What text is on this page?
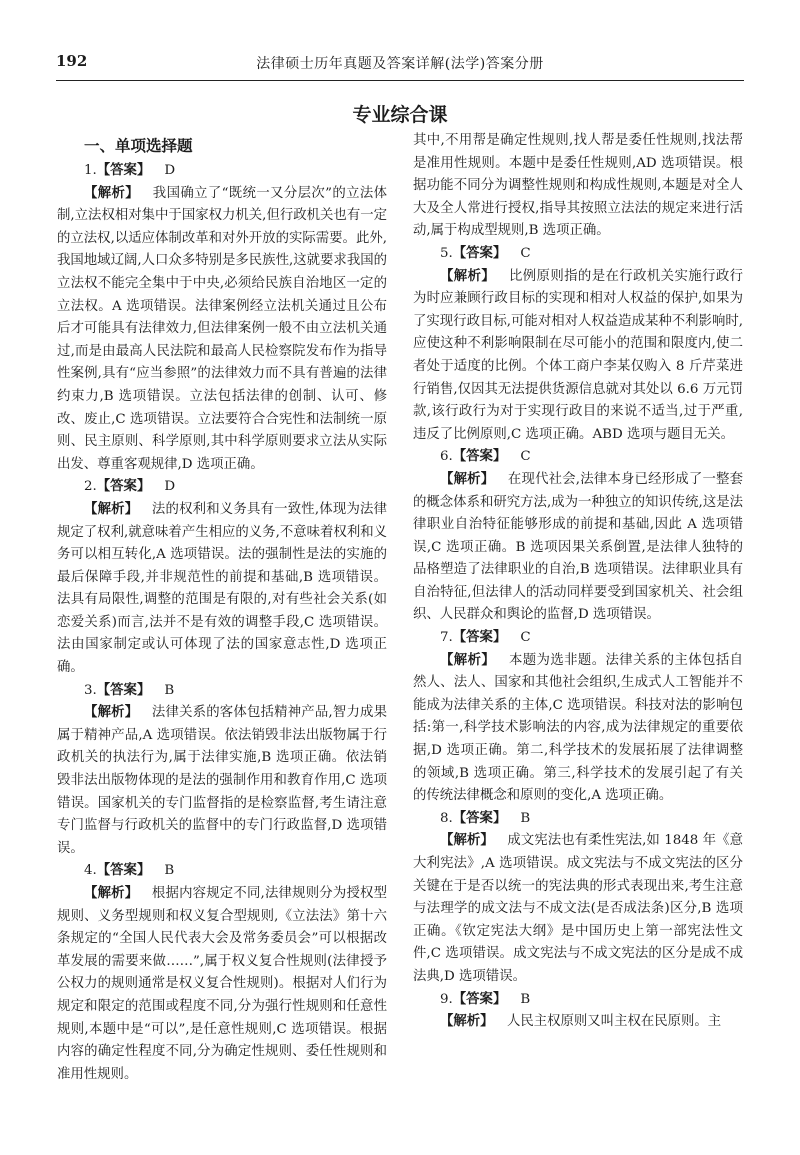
192	法律硕士历年真题及答案详解(法学)答案分册
专业综合课
一、单项选择题
1.【答案】 D

【解析】  我国确立了“既统一又分层次”的立法体制,立法权相对集中于国家权力机关,但行政机关也有一定的立法权,以适应体制改革和对外开放的实际需要。此外,我国地域辽阔,人口众多特别是多民族性,这就要求我国的立法权不能完全集中于中央,必须给民族自治地区一定的立法权。A 选项错误。法律案例经立法机关通过且公布后才可能具有法律效力,但法律案例一般不由立法机关通过,而是由最高人民法院和最高人民检察院发布作为指导性案例,具有“应当参照”的法律效力而不具有普遍的法律约束力,B 选项错误。立法包括法律的创制、认可、修改、废止,C 选项错误。立法要符合合宪性和法制统一原则、民主原则、科学原则,其中科学原则要求立法从实际出发、尊重客观规律,D 选项正确。

2.【答案】 D

【解析】  法的权利和义务具有一致性,体现为法律规定了权利,就意味着产生相应的义务,不意味着权利和义务可以相互转化,A 选项错误。法的强制性是法的实施的最后保障手段,并非规范性的前提和基础,B 选项错误。法具有局限性,调整的范围是有限的,对有些社会关系(如恋爱关系)而言,法并不是有效的调整手段,C 选项错误。法由国家制定或认可体现了法的国家意志性,D 选项正确。

3.【答案】 B

【解析】  法律关系的客体包括精神产品,智力成果属于精神产品,A 选项错误。依法销毁非法出版物属于行政机关的执法行为,属于法律实施,B 选项正确。依法销毁非法出版物体现的是法的强制作用和教育作用,C 选项错误。国家机关的专门监督指的是检察监督,考生请注意专门监督与行政机关的监督中的专门行政监督,D 选项错误。

4.【答案】 B

【解析】  根据内容规定不同,法律规则分为授权型规则、义务型规则和权义复合型规则,《立法法》第十六条规定的“全国人民代表大会及常务委员会”可以根据改革发展的需要来做……”,属于权义复合性规则(法律授予公权力的规则通常是权义复合性规则)。根据对人们行为规定和限定的范围或程度不同,分为强行性规则和任意性规则,本题中是“可以”,是任意性规则,C 选项错误。根据内容的确定性程度不同,分为确定性规则、委任性规则和准用性规则。

其中,不用帮是确定性规则,找人帮是委任性规则,找法帮是准用性规则。本题中是委任性规则,AD 选项错误。根据功能不同分为调整性规则和构成性规则,本题是对全人大及全人常进行授权,指导其按照立法法的规定来进行活动,属于构成型规则,B 选项正确。

5.【答案】 C

【解析】  比例原则指的是在行政机关实施行政行为时应兼顾行政目标的实现和相对人权益的保护,如果为了实现行政目标,可能对相对人权益造成某种不利影响时,应使这种不利影响限制在尽可能小的范围和限度内,使二者处于适度的比例。个体工商户李某仅购入 8 斤芹菜进行销售,仅因其无法提供货源信息就对其处以 6.6 万元罚款,该行政行为对于实现行政目的来说不适当,过于严重,违反了比例原则,C 选项正确。ABD 选项与题目无关。

6.【答案】 C

【解析】  在现代社会,法律本身已经形成了一整套的概念体系和研究方法,成为一种独立的知识传统,这是法律职业自治特征能够形成的前提和基础,因此 A 选项错误,C 选项正确。B 选项因果关系倒置,是法律人独特的品格塑造了法律职业的自治,B 选项错误。法律职业具有自治特征,但法律人的活动同样要受到国家机关、社会组织、人民群众和舆论的监督,D 选项错误。

7.【答案】 C

【解析】  本题为选非题。法律关系的主体包括自然人、法人、国家和其他社会组织,生成式人工智能并不能成为法律关系的主体,C 选项错误。科技对法的影响包括:第一,科学技术影响法的内容,成为法律规定的重要依据,D 选项正确。第二,科学技术的发展拓展了法律调整的领域,B 选项正确。第三,科学技术的发展引起了有关的传统法律概念和原则的变化,A 选项正确。

8.【答案】 B

【解析】  成文宪法也有柔性宪法,如 1848 年《意大利宪法》,A 选项错误。成文宪法与不成文宪法的区分关键在于是否以统一的宪法典的形式表现出来,考生注意与法理学的成文法与不成文法(是否成法条)区分,B 选项正确。《钦定宪法大纲》是中国历史上第一部宪法性文件,C 选项错误。成文宪法与不成文宪法的区分是成不成法典,D 选项错误。

9.【答案】 B

【解析】  人民主权原则又叫主权在民原则。主
